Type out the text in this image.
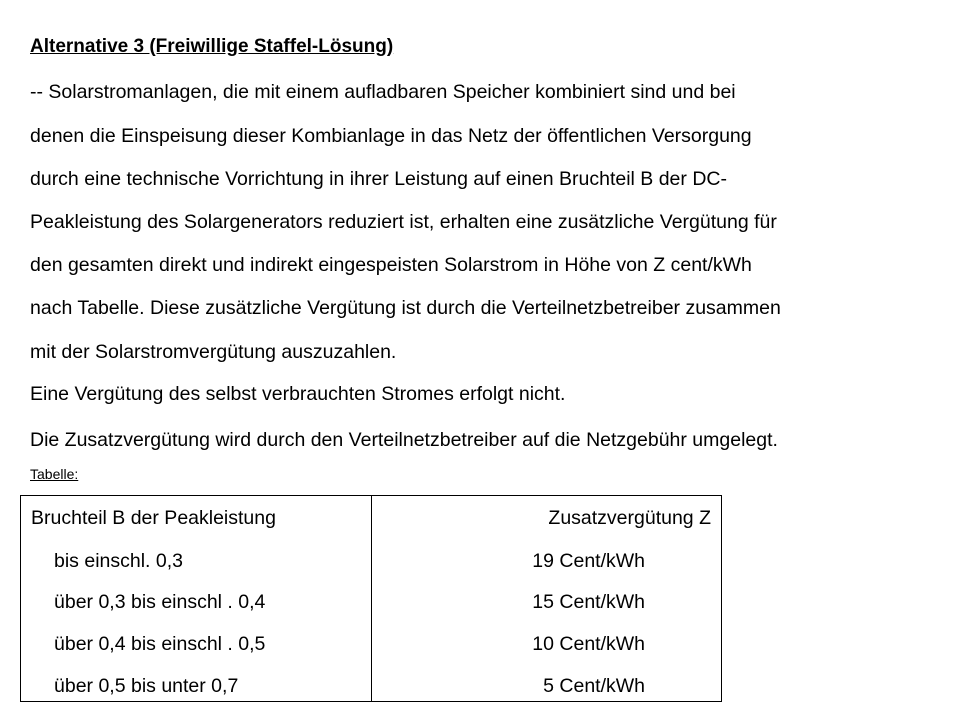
Alternative 3 (Freiwillige Staffel-Lösung)
-- Solarstromanlagen, die mit einem aufladbaren Speicher kombiniert sind und bei
denen die Einspeisung dieser Kombianlage in das Netz der öffentlichen Versorgung
durch eine technische Vorrichtung in ihrer Leistung auf einen Bruchteil B der DC-
Peakleistung des Solargenerators reduziert ist, erhalten eine zusätzliche Vergütung für
den gesamten direkt und indirekt eingespeisten Solarstrom in Höhe von Z cent/kWh
nach Tabelle. Diese zusätzliche Vergütung ist durch die Verteilnetzbetreiber zusammen
mit der Solarstromvergütung auszuzahlen.
Eine Vergütung des selbst verbrauchten Stromes erfolgt nicht.
Die Zusatzvergütung wird durch den Verteilnetzbetreiber auf die Netzgebühr umgelegt.
Tabelle:
Bruchteil B der Peakleistung	Zusatzvergütung Z
bis einschl. 0,3	19 Cent/kWh
über 0,3 bis einschl . 0,4	15 Cent/kWh
über 0,4 bis einschl . 0,5	10 Cent/kWh
über 0,5 bis unter 0,7	5 Cent/kWh
